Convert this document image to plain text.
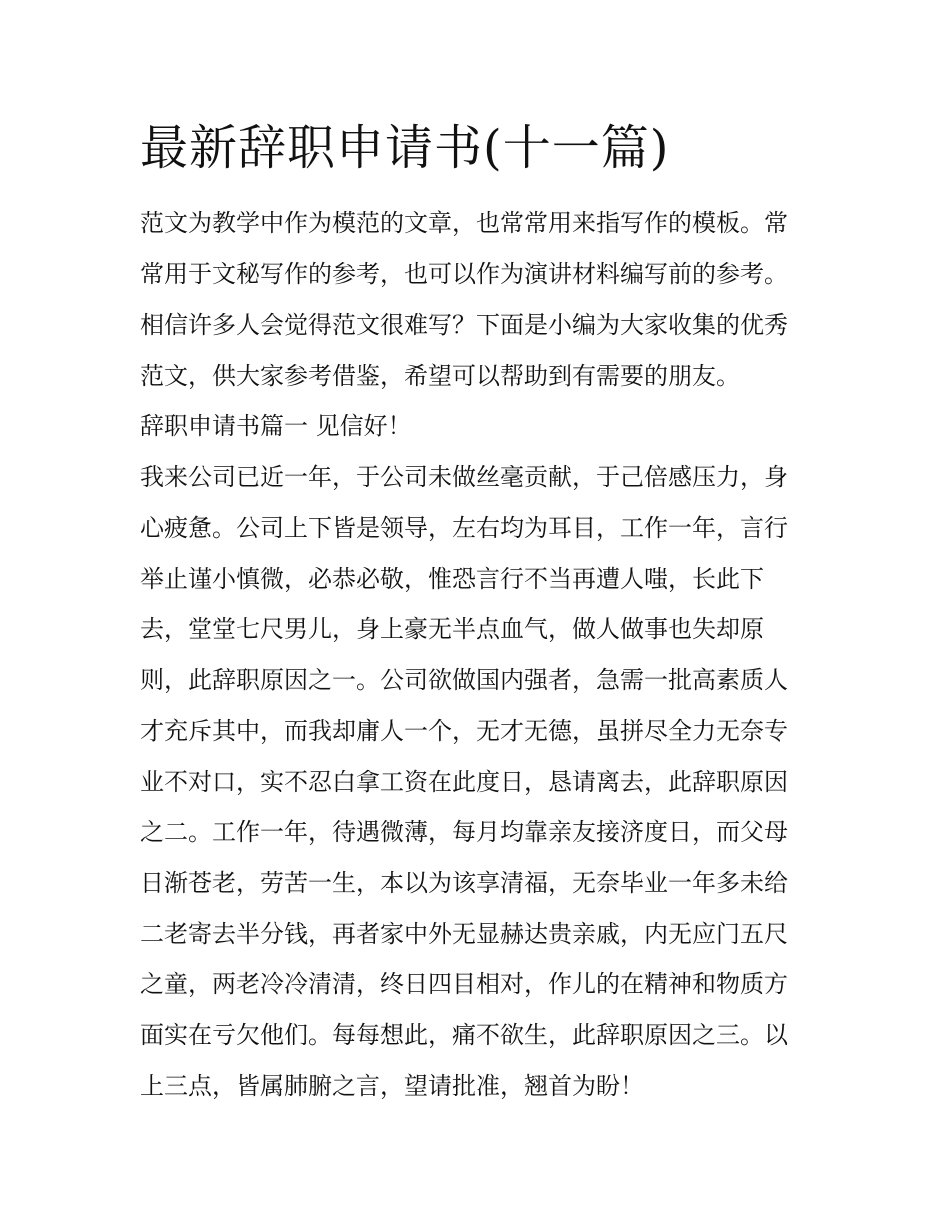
最新辞职申请书(十一篇)

范文为教学中作为模范的文章，也常常用来指写作的模板。常

常用于文秘写作的参考，也可以作为演讲材料编写前的参考。

相信许多人会觉得范文很难写？下面是小编为大家收集的优秀

范文，供大家参考借鉴，希望可以帮助到有需要的朋友。

辞职申请书篇一 见信好！

我来公司已近一年，于公司未做丝毫贡献，于己倍感压力，身

心疲惫。公司上下皆是领导，左右均为耳目，工作一年，言行

举止谨小慎微，必恭必敬，惟恐言行不当再遭人嗤，长此下

去，堂堂七尺男儿，身上豪无半点血气，做人做事也失却原

则，此辞职原因之一。公司欲做国内强者，急需一批高素质人

才充斥其中，而我却庸人一个，无才无德，虽拼尽全力无奈专

业不对口，实不忍白拿工资在此度日，恳请离去，此辞职原因

之二。工作一年，待遇微薄，每月均靠亲友接济度日，而父母

日渐苍老，劳苦一生，本以为该享清福，无奈毕业一年多未给

二老寄去半分钱，再者家中外无显赫达贵亲戚，内无应门五尺

之童，两老冷冷清清，终日四目相对，作儿的在精神和物质方

面实在亏欠他们。每每想此，痛不欲生，此辞职原因之三。以

上三点，皆属肺腑之言，望请批准，翘首为盼！
